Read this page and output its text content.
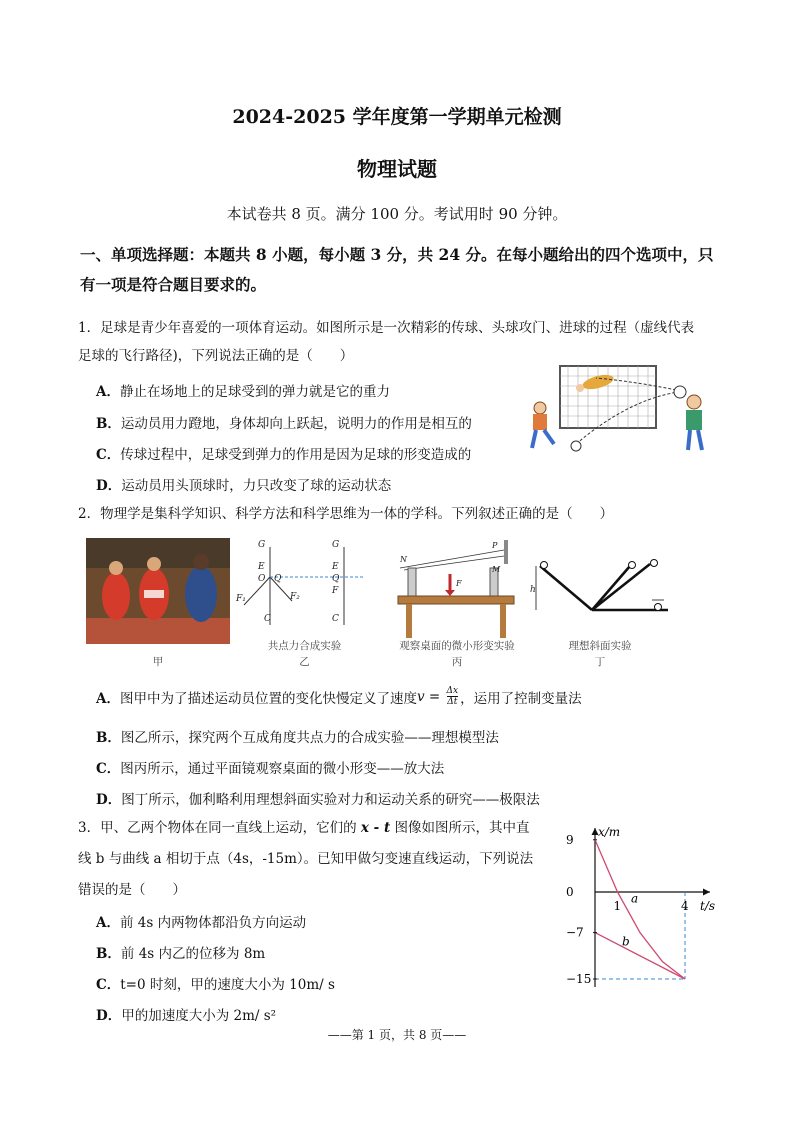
2024-2025 学年度第一学期单元检测
物理试题
本试卷共 8 页。满分 100 分。考试用时 90 分钟。
一、单项选择题：本题共 8 小题，每小题 3 分，共 24 分。在每小题给出的四个选项中，只
有一项是符合题目要求的。
1．足球是青少年喜爱的一项体育运动。如图所示是一次精彩的传球、头球攻门、进球的过程（虚线代表
足球的飞行路径)，下列说法正确的是（　　）
A．静止在场地上的足球受到的弹力就是它的重力
B．运动员用力蹬地，身体却向上跃起，说明力的作用是相互的
C．传球过程中，足球受到弹力的作用是因为足球的形变造成的
D．运动员用头顶球时，力只改变了球的运动状态
2．物理学是集科学知识、科学方法和科学思维为一体的学科。下列叙述正确的是（　　）
甲
G
E
O Q
F₁	F₂
F
C
G
E
Q
C
共点力合成实验
乙
N
P
M
F
观察桌面的微小形变实验
丙
h
理想斜面实验
丁
A． 图甲中为了描述运动员位置的变化快慢定义了速度 $v = \frac{\Delta x}{\Delta t}$ ，运用了控制变量法
B．图乙所示，探究两个互成角度共点力的合成实验——理想模型法
C．图丙所示，通过平面镜观察桌面的微小形变——放大法
D．图丁所示，伽利略利用理想斜面实验对力和运动关系的研究——极限法
3．甲、乙两个物体在同一直线上运动，它们的 x - t 图像如图所示，其中直
线 b 与曲线 a 相切于点（4s，-15m）。已知甲做匀变速直线运动，下列说法
错误的是（　　）
A．前 4s 内两物体都沿负方向运动
B．前 4s 内乙的位移为 8m
C．t=0 时刻，甲的速度大小为 10m/ s
D．甲的加速度大小为 2m/ s²
x/m
t/s
a
b
1	4
9
0
−7
−15
——第 1 页，共 8 页——
